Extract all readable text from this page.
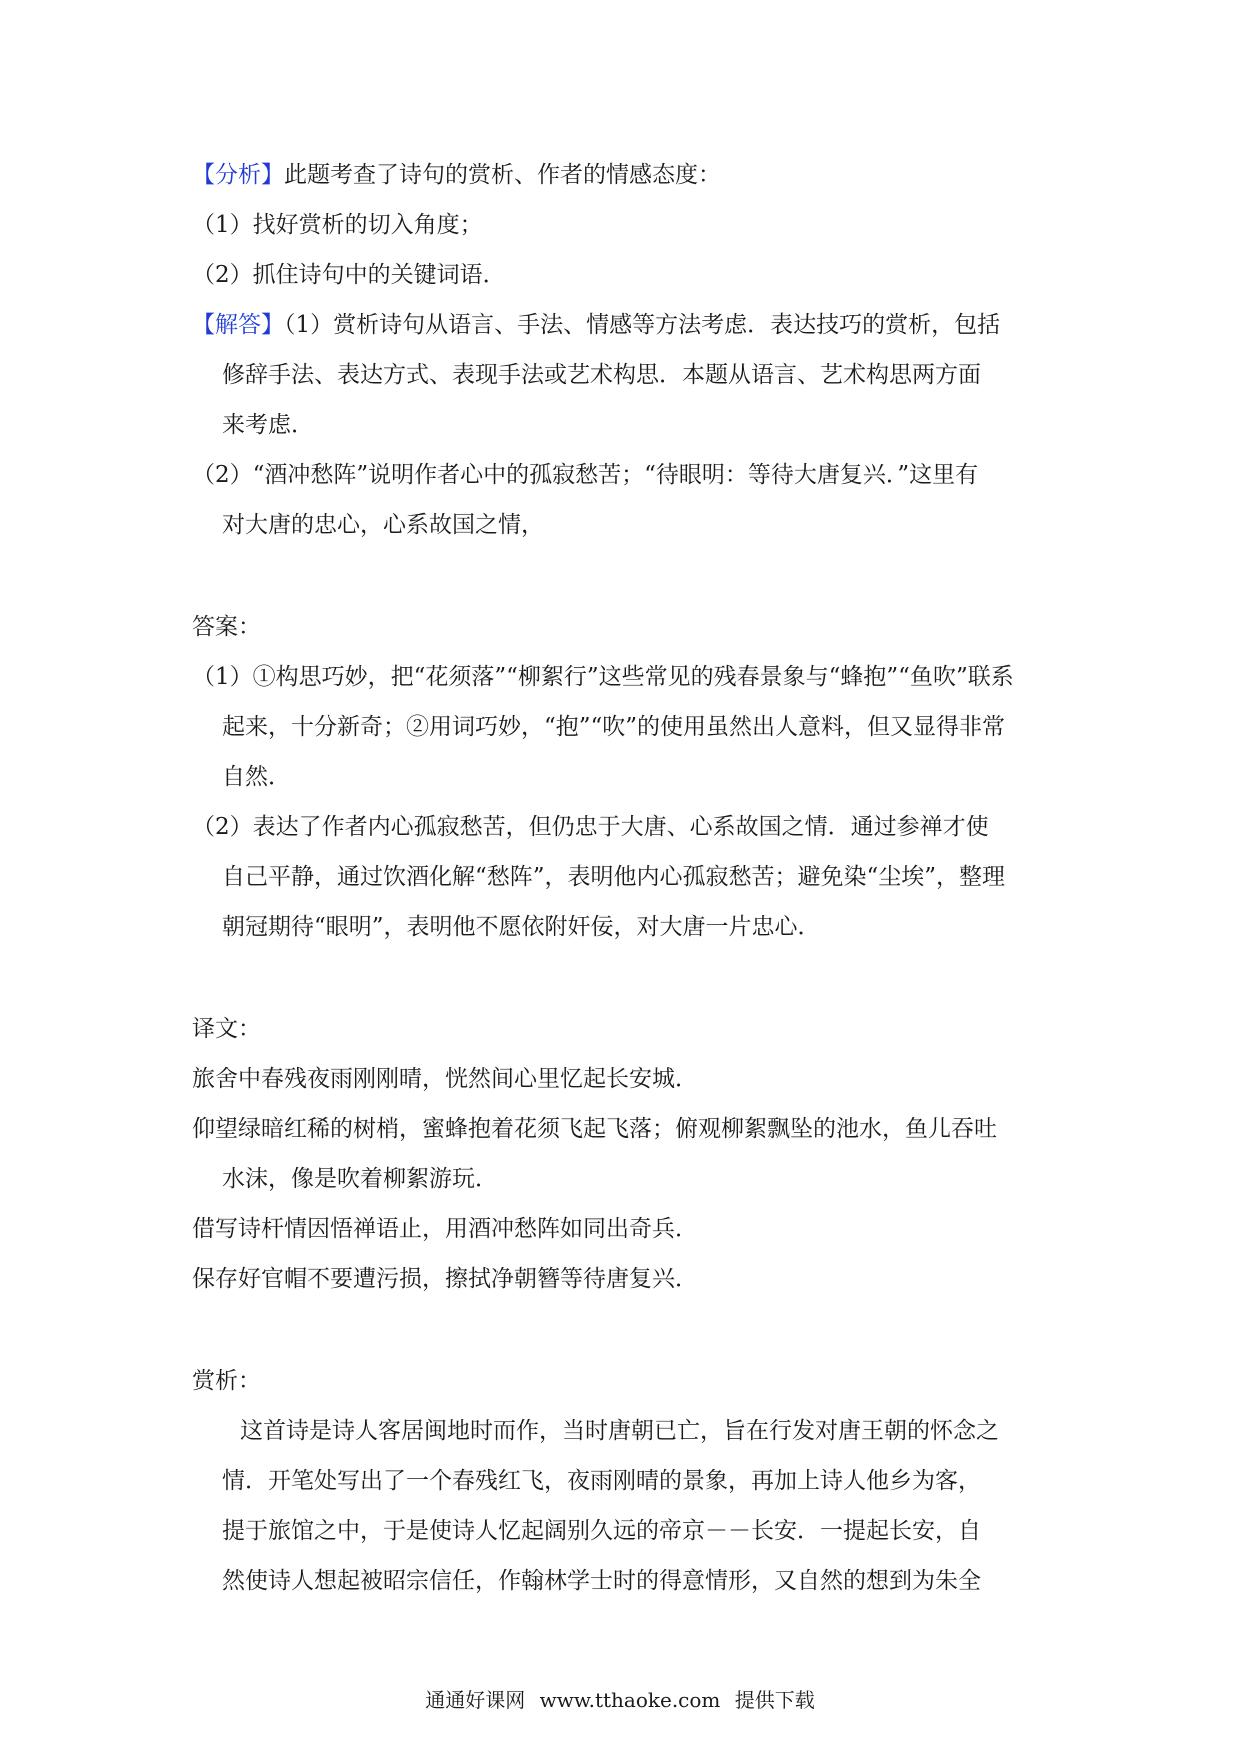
【分析】此题考查了诗句的赏析、作者的情感态度：
（1）找好赏析的切入角度；
（2）抓住诗句中的关键词语．
【解答】（1）赏析诗句从语言、手法、情感等方法考虑．表达技巧的赏析，包括
修辞手法、表达方式、表现手法或艺术构思．本题从语言、艺术构思两方面
来考虑．
（2）“酒冲愁阵”说明作者心中的孤寂愁苦；“待眼明：等待大唐复兴．”这里有
对大唐的忠心，心系故国之情，
答案：
（1）①构思巧妙，把“花须落”“柳絮行”这些常见的残春景象与“蜂抱”“鱼吹”联系
起来，十分新奇；②用词巧妙，“抱”“吹”的使用虽然出人意料，但又显得非常
自然．
（2）表达了作者内心孤寂愁苦，但仍忠于大唐、心系故国之情．通过参禅才使
自己平静，通过饮酒化解“愁阵”，表明他内心孤寂愁苦；避免染“尘埃”，整理
朝冠期待“眼明”，表明他不愿依附奸佞，对大唐一片忠心．
译文：
旅舍中春残夜雨刚刚晴，恍然间心里忆起长安城．
仰望绿暗红稀的树梢，蜜蜂抱着花须飞起飞落；俯观柳絮飘坠的池水，鱼儿吞吐
水沫，像是吹着柳絮游玩．
借写诗杆情因悟禅语止，用酒冲愁阵如同出奇兵．
保存好官帽不要遭污损，擦拭净朝簪等待唐复兴．
赏析：
这首诗是诗人客居闽地时而作，当时唐朝已亡，旨在行发对唐王朝的怀念之
情．开笔处写出了一个春残红飞，夜雨刚晴的景象，再加上诗人他乡为客，
提于旅馆之中，于是使诗人忆起阔别久远的帝京－－长安．一提起长安，自
然使诗人想起被昭宗信任，作翰林学士时的得意情形，又自然的想到为朱全
通通好课网 www.tthaoke.com 提供下载
